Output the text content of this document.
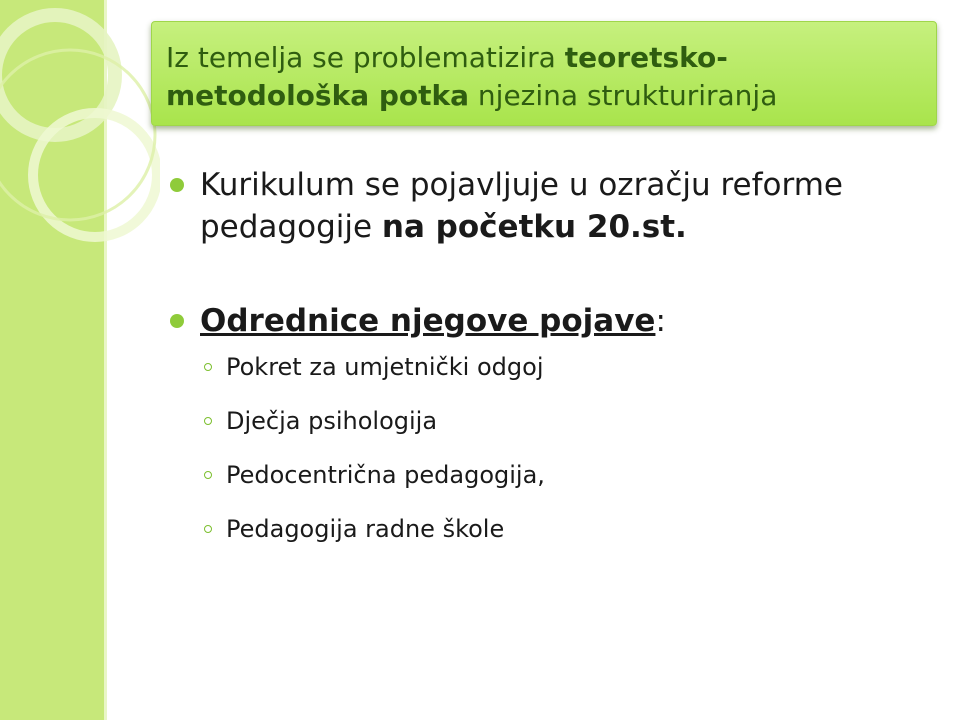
Iz temelja se problematizira teoretsko-metodološka potka njezina strukturiranja
Kurikulum se pojavljuje u ozračju reforme pedagogije na početku 20.st.
Odrednice njegove pojave:
Pokret za umjetnički odgoj
Dječja psihologija
Pedocentrična pedagogija,
Pedagogija radne škole
